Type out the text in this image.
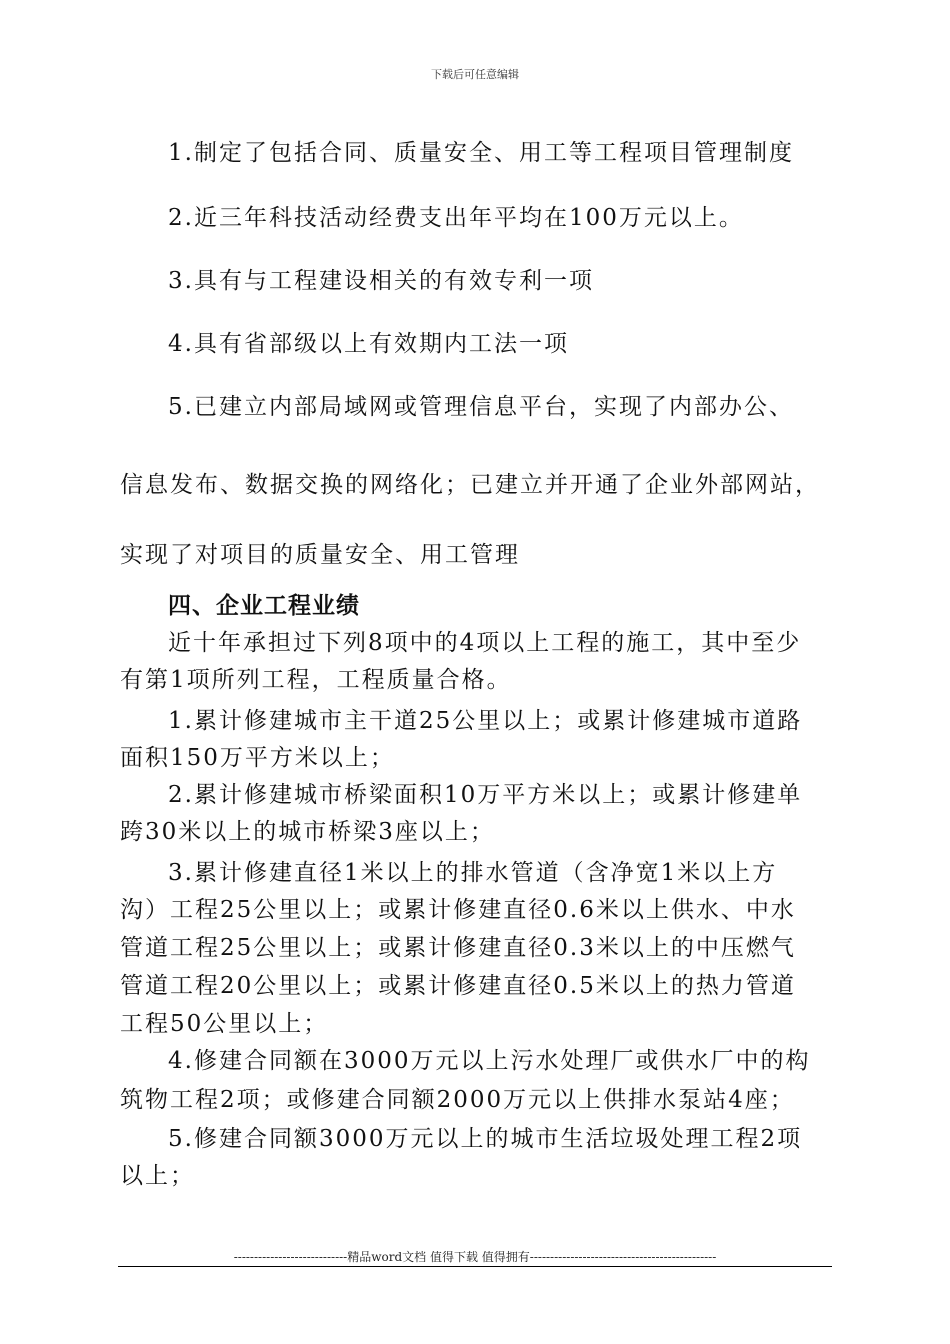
下载后可任意编辑
1.制定了包括合同、质量安全、用工等工程项目管理制度
2.近三年科技活动经费支出年平均在100万元以上。
3.具有与工程建设相关的有效专利一项
4.具有省部级以上有效期内工法一项
5.已建立内部局域网或管理信息平台，实现了内部办公、
信息发布、数据交换的网络化；已建立并开通了企业外部网站，
实现了对项目的质量安全、用工管理
四、企业工程业绩
近十年承担过下列8项中的4项以上工程的施工，其中至少
有第1项所列工程，工程质量合格。
1.累计修建城市主干道25公里以上；或累计修建城市道路
面积150万平方米以上；
2.累计修建城市桥梁面积10万平方米以上；或累计修建单
跨30米以上的城市桥梁3座以上；
3.累计修建直径1米以上的排水管道（含净宽1米以上方
沟）工程25公里以上；或累计修建直径0.6米以上供水、中水
管道工程25公里以上；或累计修建直径0.3米以上的中压燃气
管道工程20公里以上；或累计修建直径0.5米以上的热力管道
工程50公里以上；
4.修建合同额在3000万元以上污水处理厂或供水厂中的构
筑物工程2项；或修建合同额2000万元以上供排水泵站4座；
5.修建合同额3000万元以上的城市生活垃圾处理工程2项
以上；
----------------------------精品word文档 值得下载 值得拥有----------------------------------------------
